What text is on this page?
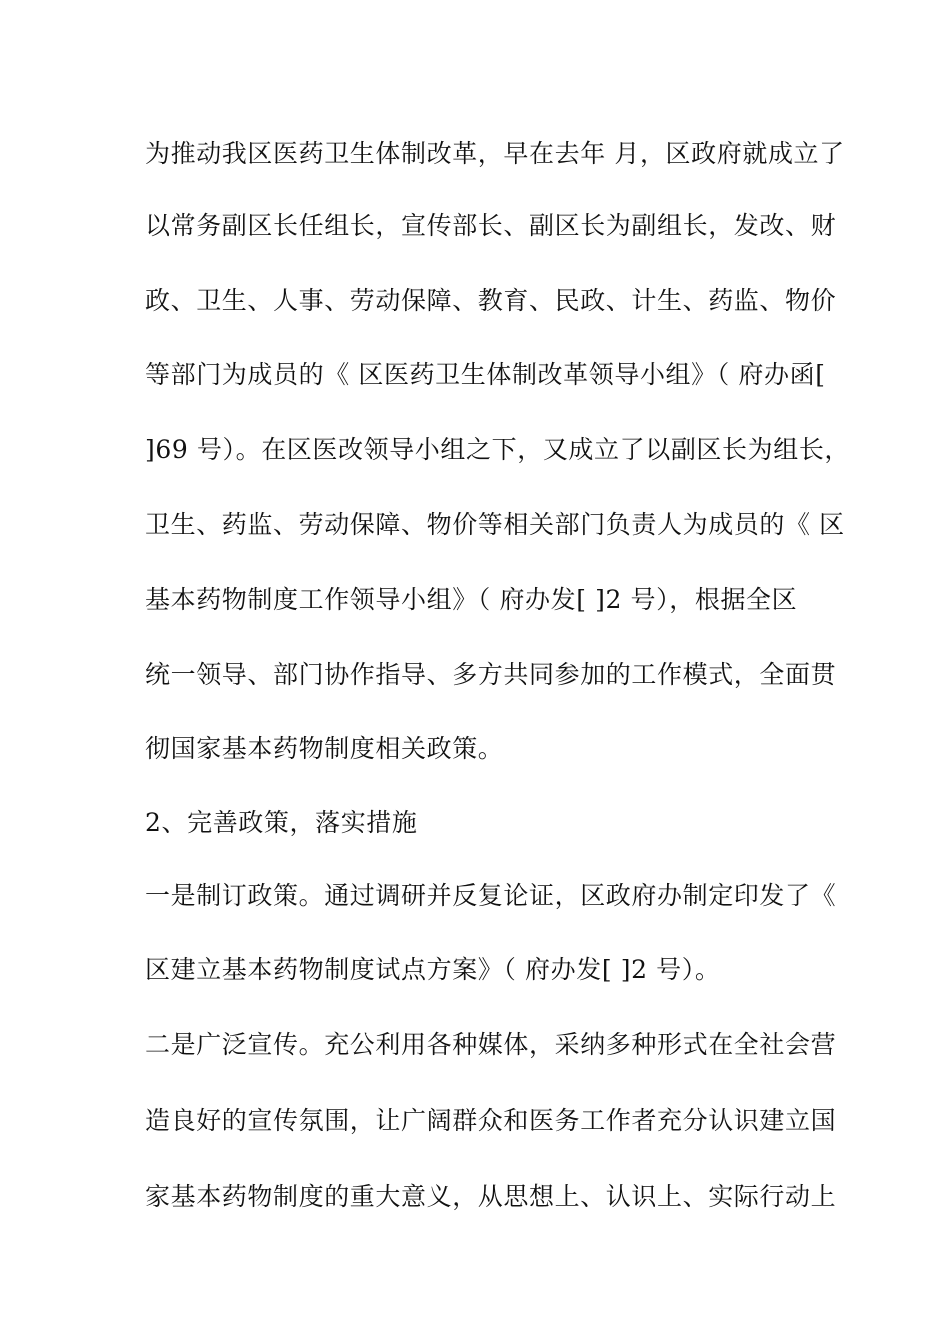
为推动我区医药卫生体制改革，早在去年 月，区政府就成立了
以常务副区长任组长，宣传部长、副区长为副组长，发改、财
政、卫生、人事、劳动保障、教育、民政、计生、药监、物价
等部门为成员的《 区医药卫生体制改革领导小组》（ 府办函[
]69 号）。在区医改领导小组之下，又成立了以副区长为组长，
卫生、药监、劳动保障、物价等相关部门负责人为成员的《 区
基本药物制度工作领导小组》（ 府办发[ ]2 号），根据全区
统一领导、部门协作指导、多方共同参加的工作模式，全面贯
彻国家基本药物制度相关政策。
2、完善政策，落实措施
一是制订政策。通过调研并反复论证，区政府办制定印发了《
区建立基本药物制度试点方案》（ 府办发[ ]2 号）。
二是广泛宣传。充公利用各种媒体，采纳多种形式在全社会营
造良好的宣传氛围，让广阔群众和医务工作者充分认识建立国
家基本药物制度的重大意义，从思想上、认识上、实际行动上
